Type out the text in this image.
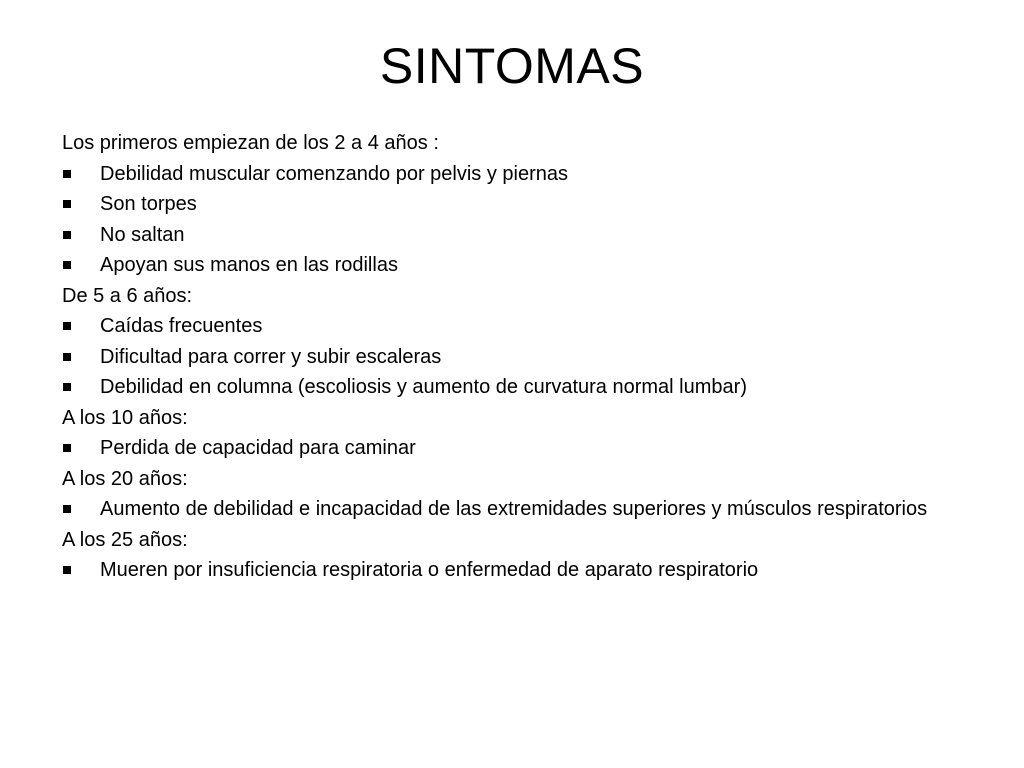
SINTOMAS
Los primeros empiezan de los 2 a 4 años :
Debilidad muscular comenzando por pelvis y piernas
Son torpes
No saltan
Apoyan sus manos en las rodillas
De 5 a 6 años:
Caídas frecuentes
Dificultad para correr y subir escaleras
Debilidad en columna (escoliosis y aumento de curvatura normal lumbar)
A los 10 años:
Perdida de capacidad para caminar
A los 20 años:
Aumento de debilidad e incapacidad de las extremidades superiores y músculos respiratorios
A los 25 años:
Mueren por insuficiencia respiratoria o enfermedad de aparato respiratorio
